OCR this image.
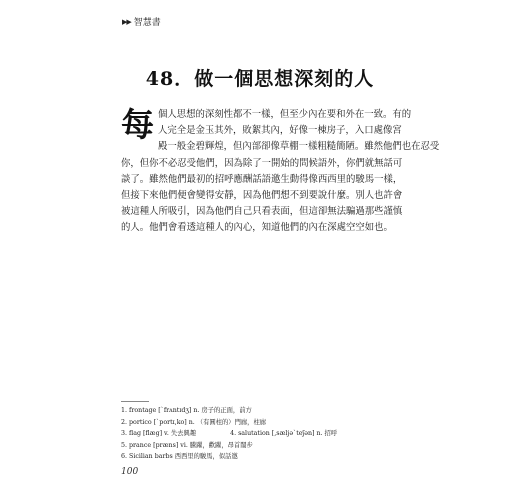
▶▶ 智慧書
48．做一個思想深刻的人
每 個人思想的深刻性都不一樣，但至少內在要和外在一致。有的
人完全是金玉其外，敗絮其內，好像一棟房子，入口處像宮
殿一般金碧輝煌，但內部卻像草棚一樣粗糙簡陋。雖然他們也在忍受
你，但你不必忍受他們，因為除了一開始的問候語外，你們就無話可
談了。雖然他們最初的招呼應酬話語邀生動得像西西里的駿馬一樣，
但接下來他們便會變得安靜，因為他們想不到要說什麼。別人也許會
被這種人所吸引，因為他們自己只看表面，但這卻無法騙過那些謹慎
的人。他們會看透這種人的內心，知道他們的內在深處空空如也。

1. frontage [ˋfrʌntɪdʒ] n. 房子的正面，前方
2. portico [ˋportɪ,ko] n. （有圓柱的）門廊，柱廊
3. flag [flæg] v. 失去興趣	4. salutation [,sæljəˋteʃən] n. 招呼
5. prance [præns] vi. 騰躍，歡躍，昂首闊步
6. Sicilian barbs 西西里的駿馬，似話邀
100
